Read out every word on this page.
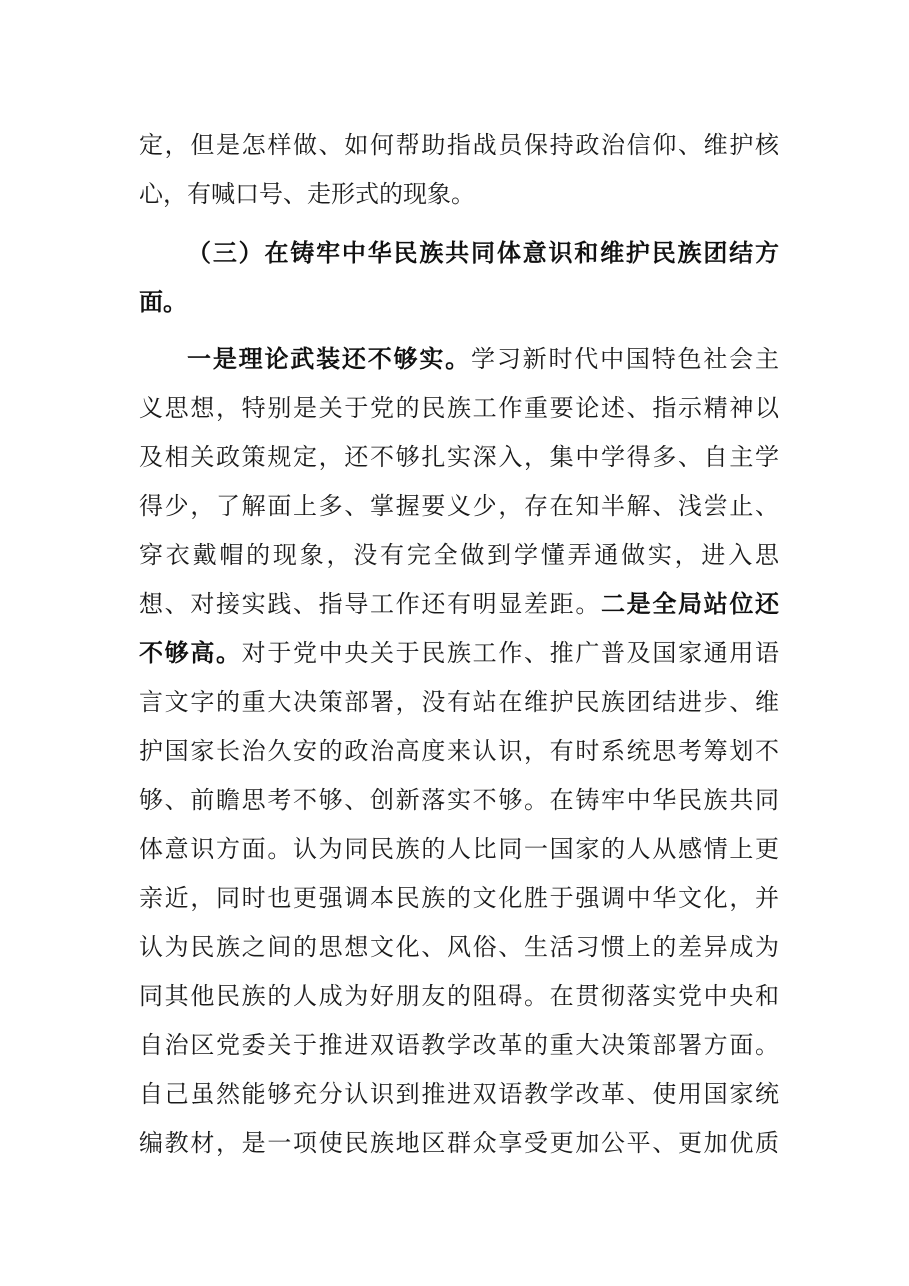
定，但是怎样做、如何帮助指战员保持政治信仰、维护核
心，有喊口号、走形式的现象。
（三）在铸牢中华民族共同体意识和维护民族团结方
面。
一是理论武装还不够实。学习新时代中国特色社会主
义思想，特别是关于党的民族工作重要论述、指示精神以
及相关政策规定，还不够扎实深入，集中学得多、自主学
得少，了解面上多、掌握要义少，存在知半解、浅尝止、
穿衣戴帽的现象，没有完全做到学懂弄通做实，进入思
想、对接实践、指导工作还有明显差距。二是全局站位还
不够高。对于党中央关于民族工作、推广普及国家通用语
言文字的重大决策部署，没有站在维护民族团结进步、维
护国家长治久安的政治高度来认识，有时系统思考筹划不
够、前瞻思考不够、创新落实不够。在铸牢中华民族共同
体意识方面。认为同民族的人比同一国家的人从感情上更
亲近，同时也更强调本民族的文化胜于强调中华文化，并
认为民族之间的思想文化、风俗、生活习惯上的差异成为
同其他民族的人成为好朋友的阻碍。在贯彻落实党中央和
自治区党委关于推进双语教学改革的重大决策部署方面。
自己虽然能够充分认识到推进双语教学改革、使用国家统
编教材，是一项使民族地区群众享受更加公平、更加优质
